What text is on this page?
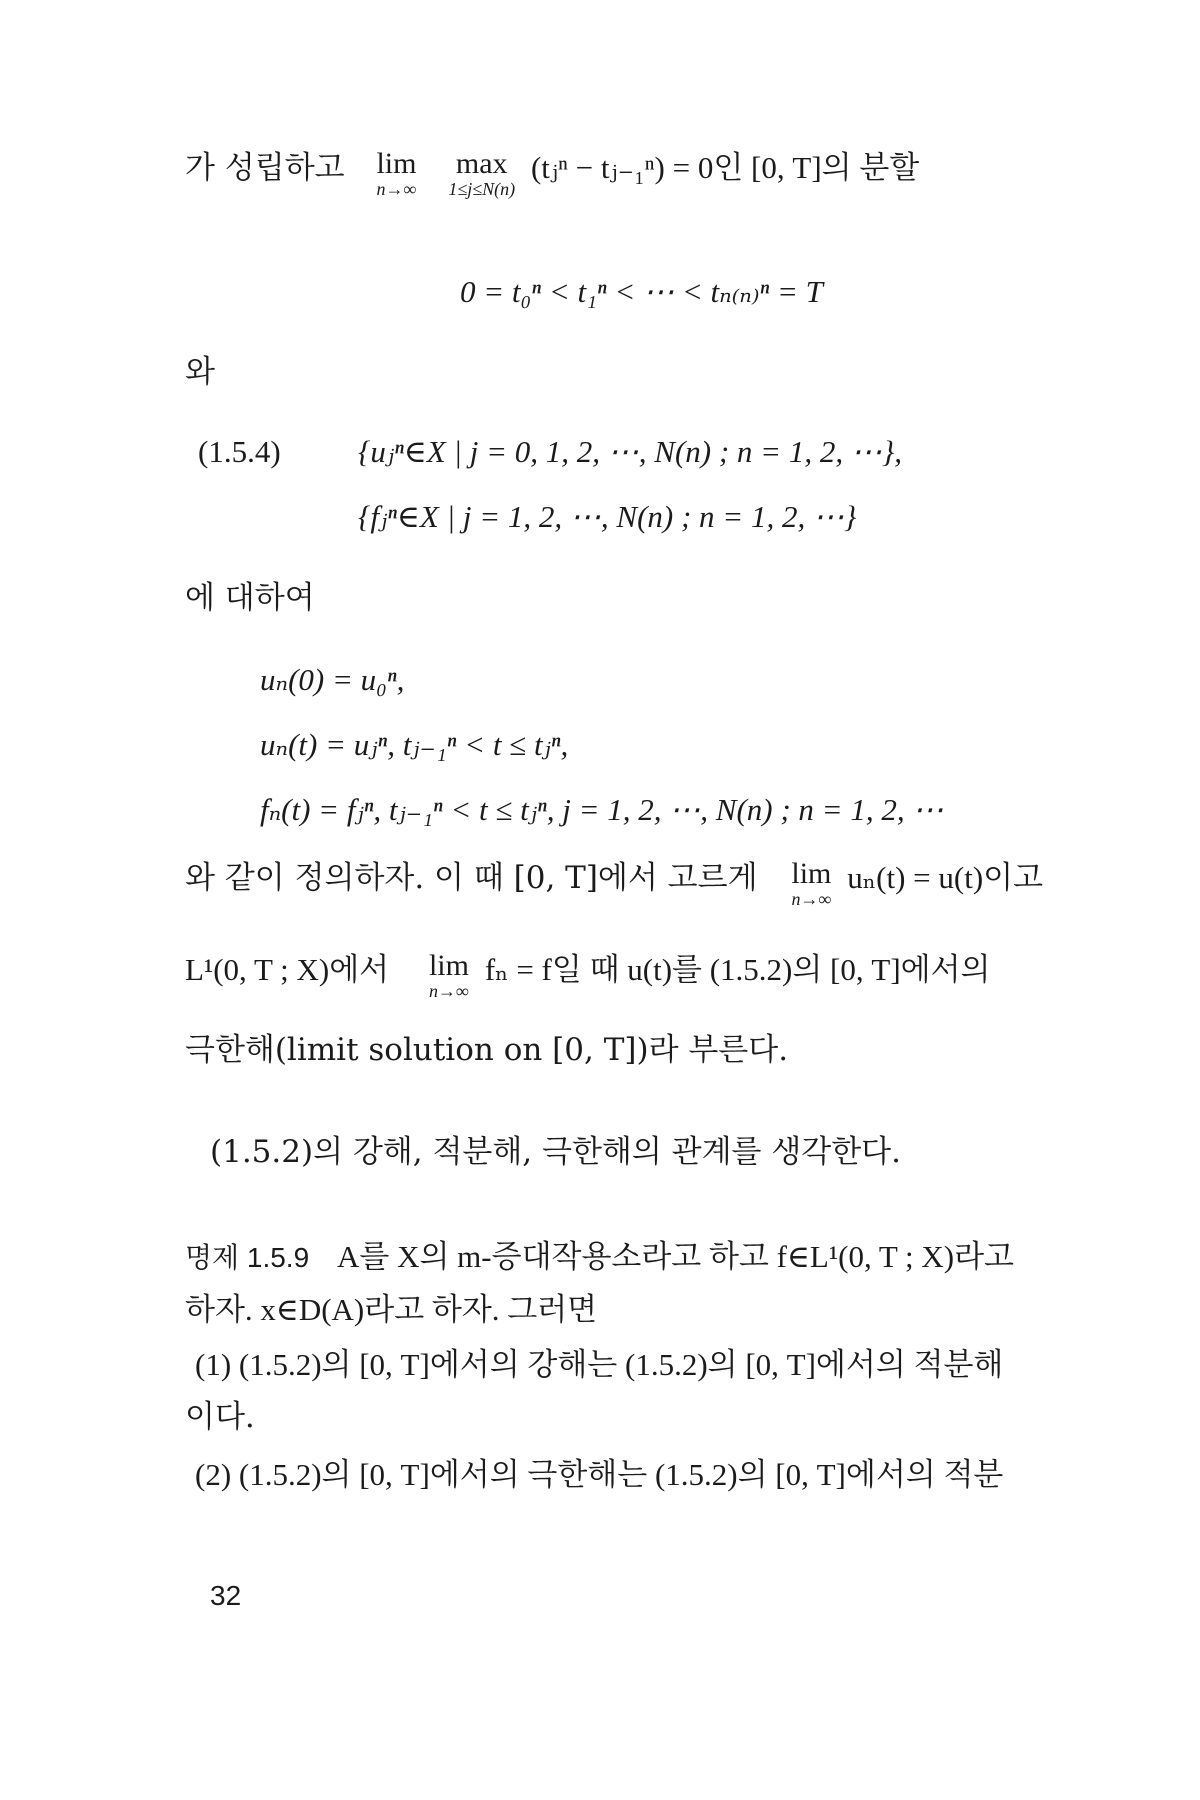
가 성립하고 lim
n→∞

max
1≤j≤N(n)
(tⱼⁿ − tⱼ₋₁ⁿ) = 0인 [0, T]의 분할
0 = t₀ⁿ < t₁ⁿ < ⋯ < tₙ₍ₙ₎ⁿ = T
와
(1.5.4) {uⱼⁿ∈X | j = 0, 1, 2, ⋯, N(n) ; n = 1, 2, ⋯},
{fⱼⁿ∈X | j = 1, 2, ⋯, N(n) ; n = 1, 2, ⋯}
에 대하여
uₙ(0) = u₀ⁿ,
uₙ(t) = uⱼⁿ, tⱼ₋₁ⁿ < t ≤ tⱼⁿ,
fₙ(t) = fⱼⁿ, tⱼ₋₁ⁿ < t ≤ tⱼⁿ, j = 1, 2, ⋯, N(n) ; n = 1, 2, ⋯
와 같이 정의하자. 이 때 [0, T]에서 고르게 lim
n→∞
uₙ(t) = u(t)이고
L¹(0, T ; X)에서 lim
n→∞
fₙ = f일 때 u(t)를 (1.5.2)의 [0, T]에서의
극한해(limit solution on [0, T])라 부른다.
(1.5.2)의 강해, 적분해, 극한해의 관계를 생각한다.
명제 1.5.9 A를 X의 m-증대작용소라고 하고 f∈L¹(0, T ; X)라고
하자. x∈D(A)라고 하자. 그러면
(1) (1.5.2)의 [0, T]에서의 강해는 (1.5.2)의 [0, T]에서의 적분해
이다.
(2) (1.5.2)의 [0, T]에서의 극한해는 (1.5.2)의 [0, T]에서의 적분
32
